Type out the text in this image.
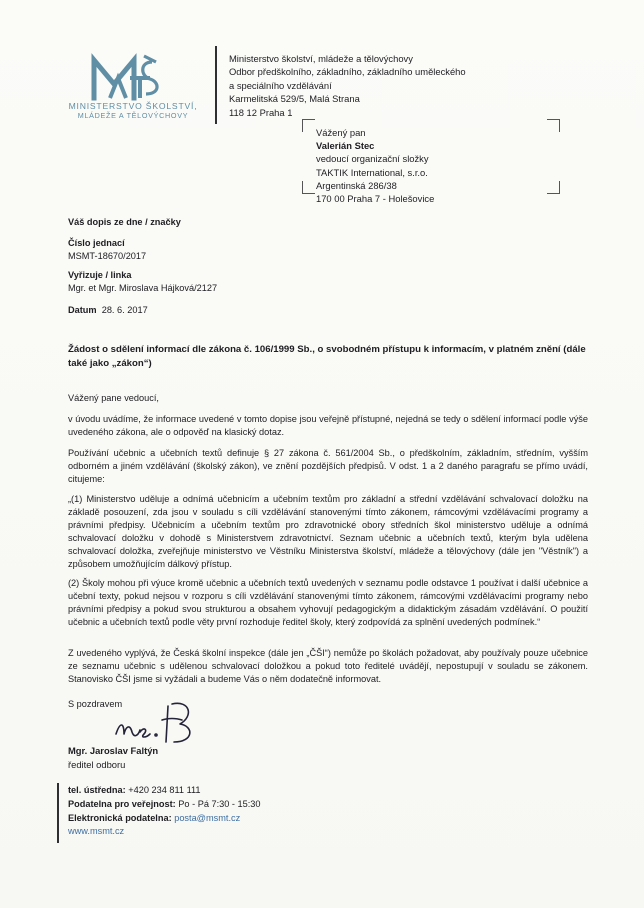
MINISTERSTVO ŠKOLSTVÍ,
MLÁDEŽE A TĚLOVÝCHOVY
Ministerstvo školství, mládeže a tělovýchovy
Odbor předškolního, základního, základního uměleckého
a speciálního vzdělávání
Karmelitská 529/5, Malá Strana
118 12 Praha 1
Vážený pan
Valerián Stec
vedoucí organizační složky
TAKTIK International, s.r.o.
Argentinská 286/38
170 00 Praha 7 - Holešovice
Váš dopis ze dne / značky
Číslo jednací
MSMT-18670/2017
Vyřizuje / linka
Mgr. et Mgr. Miroslava Hájková/2127
Datum 28. 6. 2017
Žádost o sdělení informací dle zákona č. 106/1999 Sb., o svobodném přístupu k informacím, v platném znění (dále také jako „zákon“)
Vážený pane vedoucí,
v úvodu uvádíme, že informace uvedené v tomto dopise jsou veřejně přístupné, nejedná se tedy o sdělení informací podle výše uvedeného zákona, ale o odpověď na klasický dotaz.
Používání učebnic a učebních textů definuje § 27 zákona č. 561/2004 Sb., o předškolním, základním, středním, vyšším odborném a jiném vzdělávání (školský zákon), ve znění pozdějších předpisů. V odst. 1 a 2 daného paragrafu se přímo uvádí, citujeme:
„(1) Ministerstvo uděluje a odnímá učebnicím a učebním textům pro základní a střední vzdělávání schvalovací doložku na základě posouzení, zda jsou v souladu s cíli vzdělávání stanovenými tímto zákonem, rámcovými vzdělávacími programy a právními předpisy. Učebnicím a učebním textům pro zdravotnické obory středních škol ministerstvo uděluje a odnímá schvalovací doložku v dohodě s Ministerstvem zdravotnictví. Seznam učebnic a učebních textů, kterým byla udělena schvalovací doložka, zveřejňuje ministerstvo ve Věstníku Ministerstva školství, mládeže a tělovýchovy (dále jen "Věstník") a způsobem umožňujícím dálkový přístup.
(2) Školy mohou při výuce kromě učebnic a učebních textů uvedených v seznamu podle odstavce 1 používat i další učebnice a učební texty, pokud nejsou v rozporu s cíli vzdělávání stanovenými tímto zákonem, rámcovými vzdělávacími programy nebo právními předpisy a pokud svou strukturou a obsahem vyhovují pedagogickým a didaktickým zásadám vzdělávání. O použití učebnic a učebních textů podle věty první rozhoduje ředitel školy, který zodpovídá za splnění uvedených podmínek.“
Z uvedeného vyplývá, že Česká školní inspekce (dále jen „ČŠI“) nemůže po školách požadovat, aby používaly pouze učebnice ze seznamu učebnic s udělenou schvalovací doložkou a pokud toto ředitelé uvádějí, nepostupují v souladu se zákonem. Stanovisko ČŠI jsme si vyžádali a budeme Vás o něm dodatečně informovat.
S pozdravem
Mgr. Jaroslav Faltýn
ředitel odboru
tel. ústředna: +420 234 811 111
Podatelna pro veřejnost: Po - Pá 7:30 - 15:30
Elektronická podatelna: posta@msmt.cz
www.msmt.cz
